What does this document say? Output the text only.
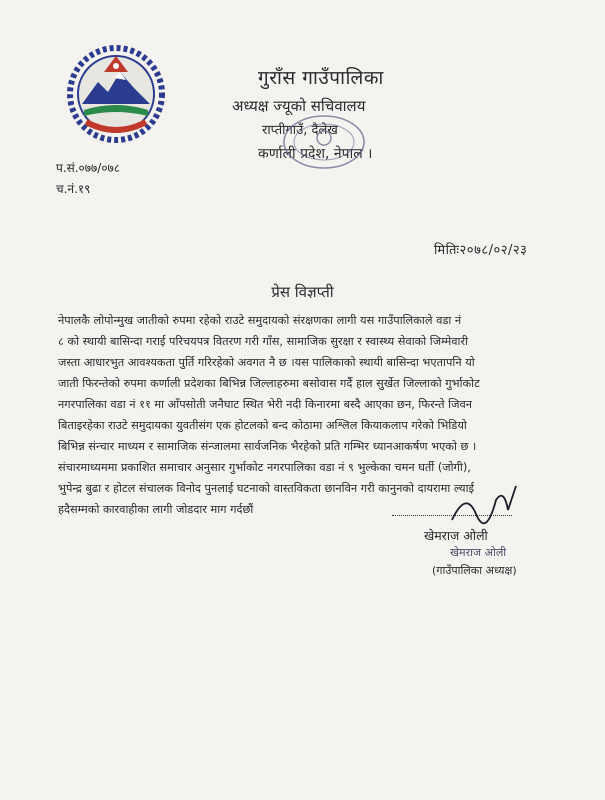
गुराँस गाउँपालिका
अध्यक्ष ज्यूको सचिवालय
राप्तीगाउँ, दैलेख
कर्णाली प्रदेश, नेपाल ।
प.सं.०७७/०७८
च.नं.१९
मितिः२०७८/०२/२३
प्रेस विज्ञप्ती
नेपालकै लोपोन्मुख जातीको रुपमा रहेको राउटे समुदायको संरक्षणका लागी यस गाउँपालिकाले वडा नं
८ को स्थायी बासिन्दा गराई परिचयपत्र वितरण गरी गाँस, सामाजिक सुरक्षा र स्वास्थ्य सेवाको जिम्मेवारी
जस्ता आधारभुत आवश्यकता पुर्ति गरिरहेको अवगत नै छ ।यस पालिकाको स्थायी बासिन्दा भएतापनि यो
जाती फिरन्तेको रुपमा कर्णाली प्रदेशका बिभिन्न जिल्लाहरुमा बसोवास गर्दै हाल सुर्खेत जिल्लाको गुर्भाकोट
नगरपालिका वडा नं ११ मा आँपसोती जनैघाट स्थित भेरी नदी किनारमा बस्दै आएका छन, फिरन्ते जिवन
बिताइरहेका राउटे समुदायका युवतीसंग एक होटलको बन्द कोठामा अश्लिल कियाकलाप गरेको भिडियो
बिभिन्न संन्चार माध्यम र सामाजिक संन्जालमा सार्वजनिक भैरहेको प्रति गम्भिर ध्यानआकर्षण भएको छ ।
संचारमाध्यममा प्रकाशित समाचार अनुसार गुर्भाकोट नगरपालिका वडा नं ९ भुल्केका चमन घर्ती (जोगी),
भुपेन्द्र बुढा र होटल संचालक विनोद पुनलाई घटनाको वास्तविकता छानविन गरी कानुनको दायरामा ल्याई
हदैसम्मको कारवाहीका लागी जोडदार माग गर्दछौं
खेमराज ओली
खेमराज ओली
(गाउँपालिका अध्यक्ष)
